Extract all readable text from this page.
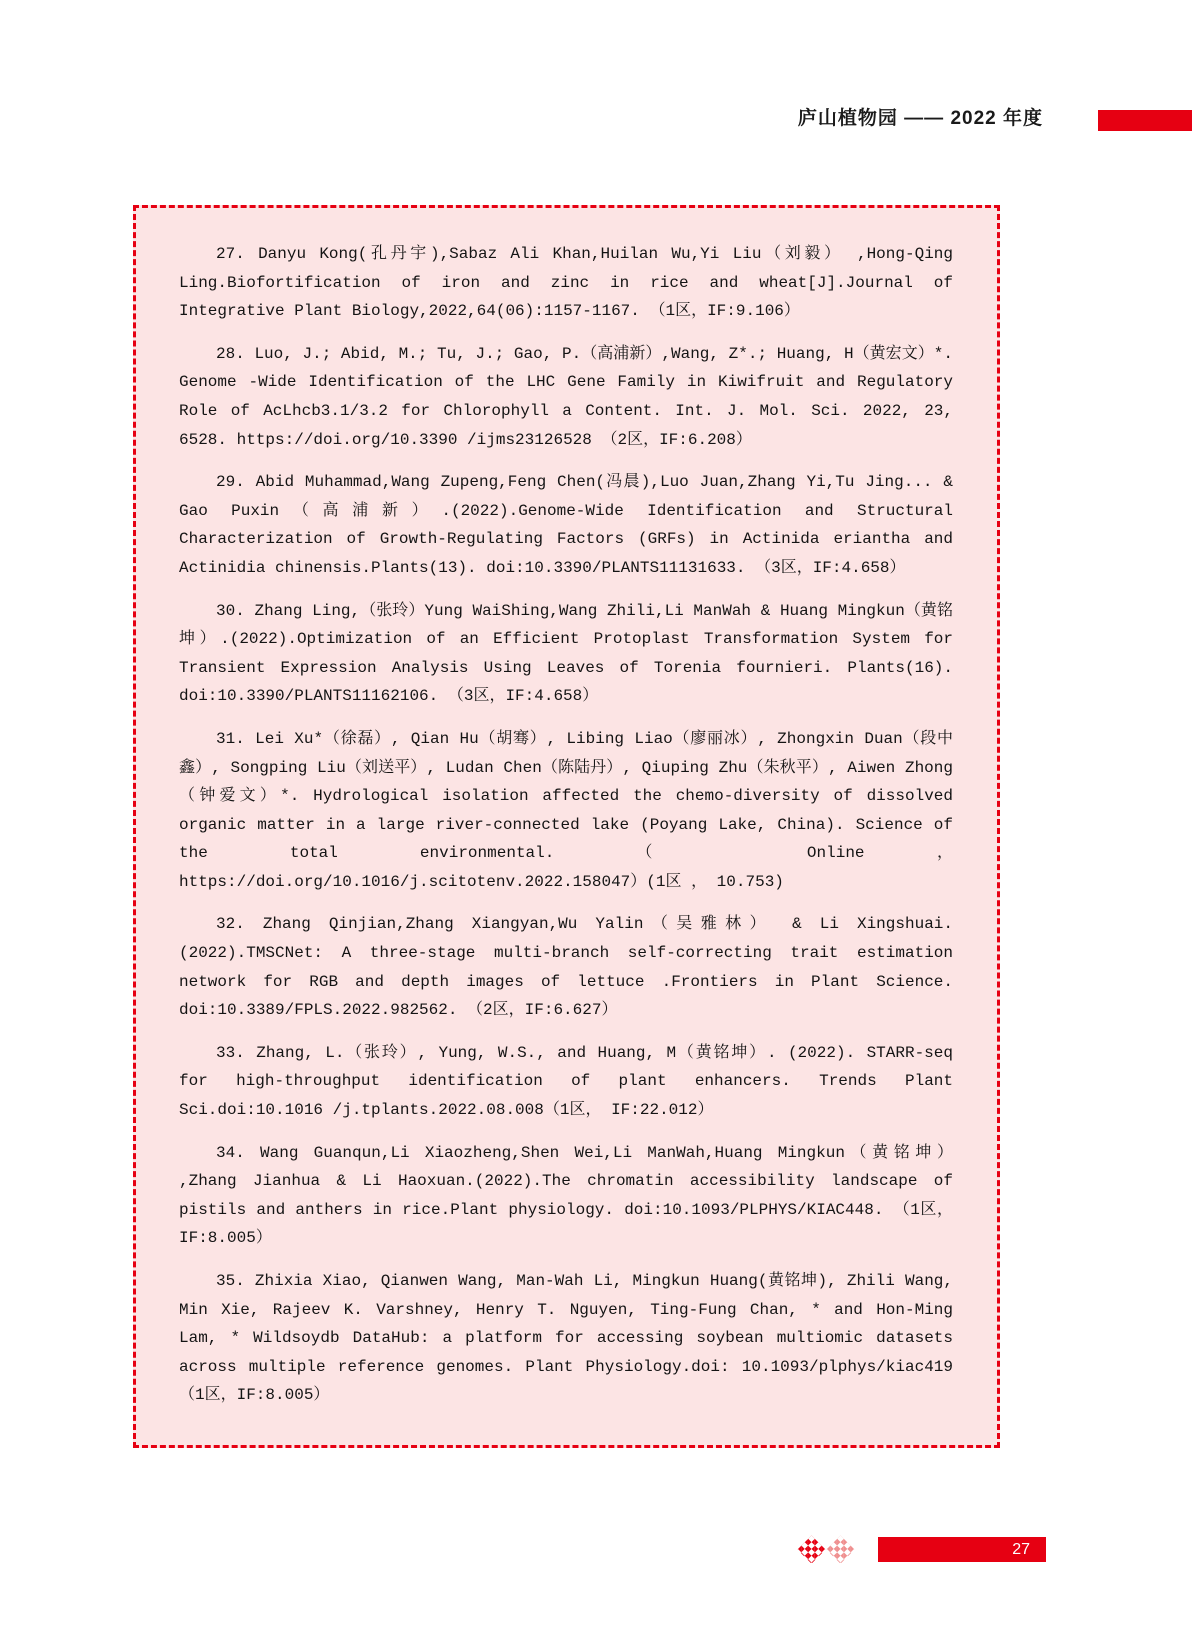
庐山植物园 —— 2022 年度

27. Danyu Kong(孔丹宇),Sabaz Ali Khan,Huilan Wu,Yi Liu（刘毅） ,Hong-Qing Ling.Biofortification of iron and zinc in rice and wheat[J].Journal of Integrative Plant Biology,2022,64(06):1157-1167. （1区，IF:9.106）

28. Luo, J.; Abid, M.; Tu, J.; Gao, P.（高浦新）,Wang, Z*.; Huang, H（黄宏文）*. Genome -Wide Identification of the LHC Gene Family in Kiwifruit and Regulatory Role of AcLhcb3.1/3.2 for Chlorophyll a Content. Int. J. Mol. Sci. 2022, 23, 6528. https://doi.org/10.3390 /ijms23126528 （2区，IF:6.208）

29. Abid Muhammad,Wang Zupeng,Feng Chen(冯晨),Luo Juan,Zhang Yi,Tu Jing... & Gao Puxin（高浦新）.(2022).Genome-Wide Identification and Structural Characterization of Growth-Regulating Factors (GRFs) in Actinida eriantha and Actinidia chinensis.Plants(13). doi:10.3390/PLANTS11131633. （3区，IF:4.658）

30. Zhang Ling,（张玲）Yung WaiShing,Wang Zhili,Li ManWah & Huang Mingkun（黄铭坤）.(2022).Optimization of an Efficient Protoplast Transformation System for Transient Expression Analysis Using Leaves of Torenia fournieri. Plants(16). doi:10.3390/PLANTS11162106. （3区，IF:4.658）

31. Lei Xu*（徐磊）, Qian Hu（胡骞）, Libing Liao（廖丽冰）, Zhongxin Duan（段中鑫）, Songping Liu（刘送平）, Ludan Chen（陈陆丹）, Qiuping Zhu（朱秋平）, Aiwen Zhong（钟爱文）*. Hydrological isolation affected the chemo-diversity of dissolved organic matter in a large river-connected lake (Poyang Lake, China). Science of the total environmental. （ Online， https://doi.org/10.1016/j.scitotenv.2022.158047）(1区 ， 10.753)

32. Zhang Qinjian,Zhang Xiangyan,Wu Yalin（吴雅林） & Li Xingshuai.(2022).TMSCNet: A three-stage multi-branch self-correcting trait estimation network for RGB and depth images of lettuce .Frontiers in Plant Science. doi:10.3389/FPLS.2022.982562. （2区，IF:6.627）

33. Zhang, L.（张玲）, Yung, W.S., and Huang, M（黄铭坤）. (2022). STARR-seq for high-throughput identification of plant enhancers. Trends Plant Sci.doi:10.1016 /j.tplants.2022.08.008（1区， IF:22.012）

34. Wang Guanqun,Li Xiaozheng,Shen Wei,Li ManWah,Huang Mingkun（黄铭坤） ,Zhang Jianhua & Li Haoxuan.(2022).The chromatin accessibility landscape of pistils and anthers in rice.Plant physiology. doi:10.1093/PLPHYS/KIAC448. （1区，IF:8.005）

35. Zhixia Xiao, Qianwen Wang, Man-Wah Li, Mingkun Huang(黄铭坤), Zhili Wang, Min Xie, Rajeev K. Varshney, Henry T. Nguyen, Ting-Fung Chan, * and Hon-Ming Lam, * Wildsoydb DataHub: a platform for accessing soybean multiomic datasets across multiple reference genomes. Plant Physiology.doi: 10.1093/plphys/kiac419 （1区，IF:8.005）

27
